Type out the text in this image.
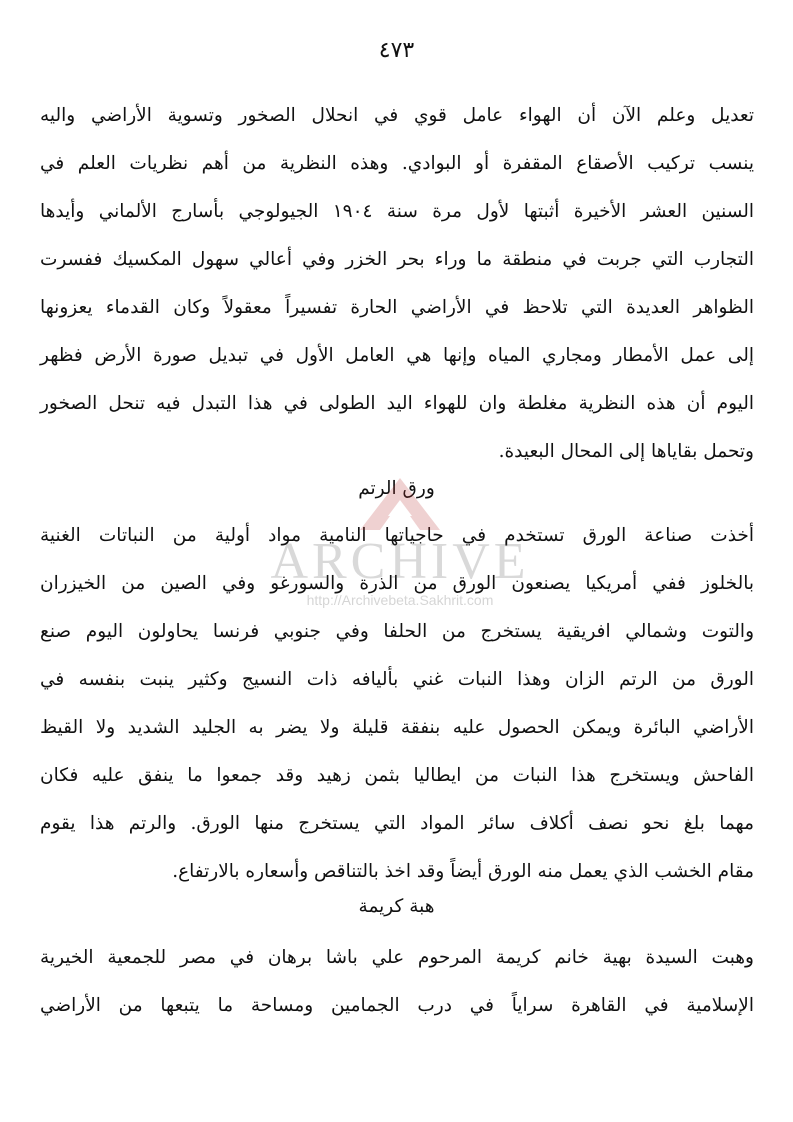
٤٧٣
تعديل وعلم الآن أن الهواء عامل قوي في انحلال الصخور وتسوية الأراضي واليه
ينسب تركيب الأصقاع المقفرة أو البوادي. وهذه النظرية من أهم نظريات العلم في
السنين العشر الأخيرة أثبتها لأول مرة سنة ١٩٠٤ الجيولوجي بأسارج الألماني وأيدها
التجارب التي جربت في منطقة ما وراء بحر الخزر وفي أعالي سهول المكسيك ففسرت
الظواهر العديدة التي تلاحظ في الأراضي الحارة تفسيراً معقولاً وكان القدماء يعزونها
إلى عمل الأمطار ومجاري المياه وإنها هي العامل الأول في تبديل صورة الأرض فظهر
اليوم أن هذه النظرية مغلطة وان للهواء اليد الطولى في هذا التبدل فيه تنحل الصخور
وتحمل بقاياها إلى المحال البعيدة.
ورق الرتم
أخذت صناعة الورق تستخدم في حاجياتها النامية مواد أولية من النباتات الغنية
بالخلوز ففي أمريكيا يصنعون الورق من الذرة والسورغو وفي الصين من الخيزران
والتوت وشمالي افريقية يستخرج من الحلفا وفي جنوبي فرنسا يحاولون اليوم صنع
الورق من الرتم الزان وهذا النبات غني بأليافه ذات النسيج وكثير ينبت بنفسه في
الأراضي البائرة ويمكن الحصول عليه بنفقة قليلة ولا يضر به الجليد الشديد ولا القيظ
الفاحش ويستخرج هذا النبات من ايطاليا بثمن زهيد وقد جمعوا ما ينفق عليه فكان
مهما بلغ نحو نصف أكلاف سائر المواد التي يستخرج منها الورق. والرتم هذا يقوم
مقام الخشب الذي يعمل منه الورق أيضاً وقد اخذ بالتناقص وأسعاره بالارتفاع.
هبة كريمة
وهبت السيدة بهية خانم كريمة المرحوم علي باشا برهان في مصر للجمعية الخيرية
الإسلامية في القاهرة سراياً في درب الجمامين ومساحة ما يتبعها من الأراضي
ARCHIVE
http://Archivebeta.Sakhrit.com
